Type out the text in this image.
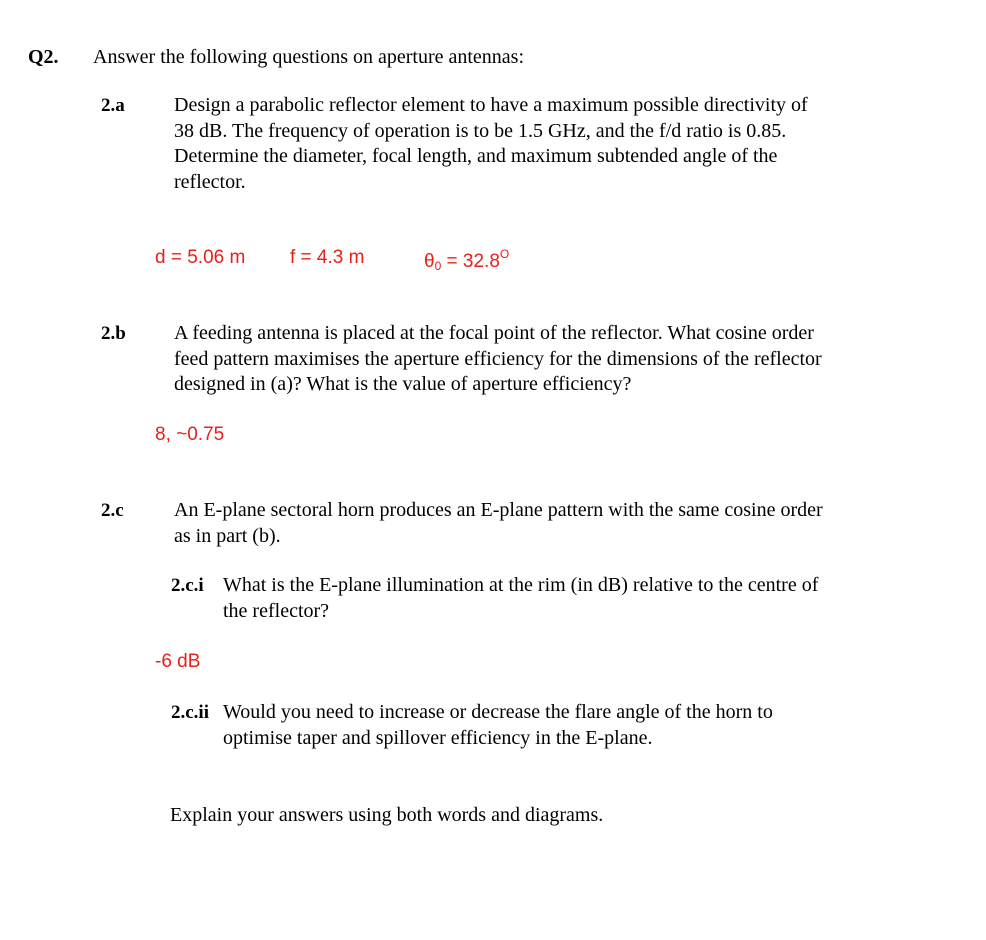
Q2. Answer the following questions on aperture antennas:
2.a Design a parabolic reflector element to have a maximum possible directivity of
38 dB. The frequency of operation is to be 1.5 GHz, and the f/d ratio is 0.85.
Determine the diameter, focal length, and maximum subtended angle of the
reflector.
d = 5.06 m f = 4.3 m	$\theta_0 = 32.8^O$
2.b A feeding antenna is placed at the focal point of the reflector. What cosine order
feed pattern maximises the aperture efficiency for the dimensions of the reflector
designed in (a)? What is the value of aperture efficiency?
8, ~0.75
2.c	An E-plane sectoral horn produces an E-plane pattern with the same cosine order
as in part (b).
2.c.i What is the E-plane illumination at the rim (in dB) relative to the centre of
the reflector?
-6 dB
2.c.ii Would you need to increase or decrease the flare angle of the horn to
optimise taper and spillover efficiency in the E-plane.
Explain your answers using both words and diagrams.
